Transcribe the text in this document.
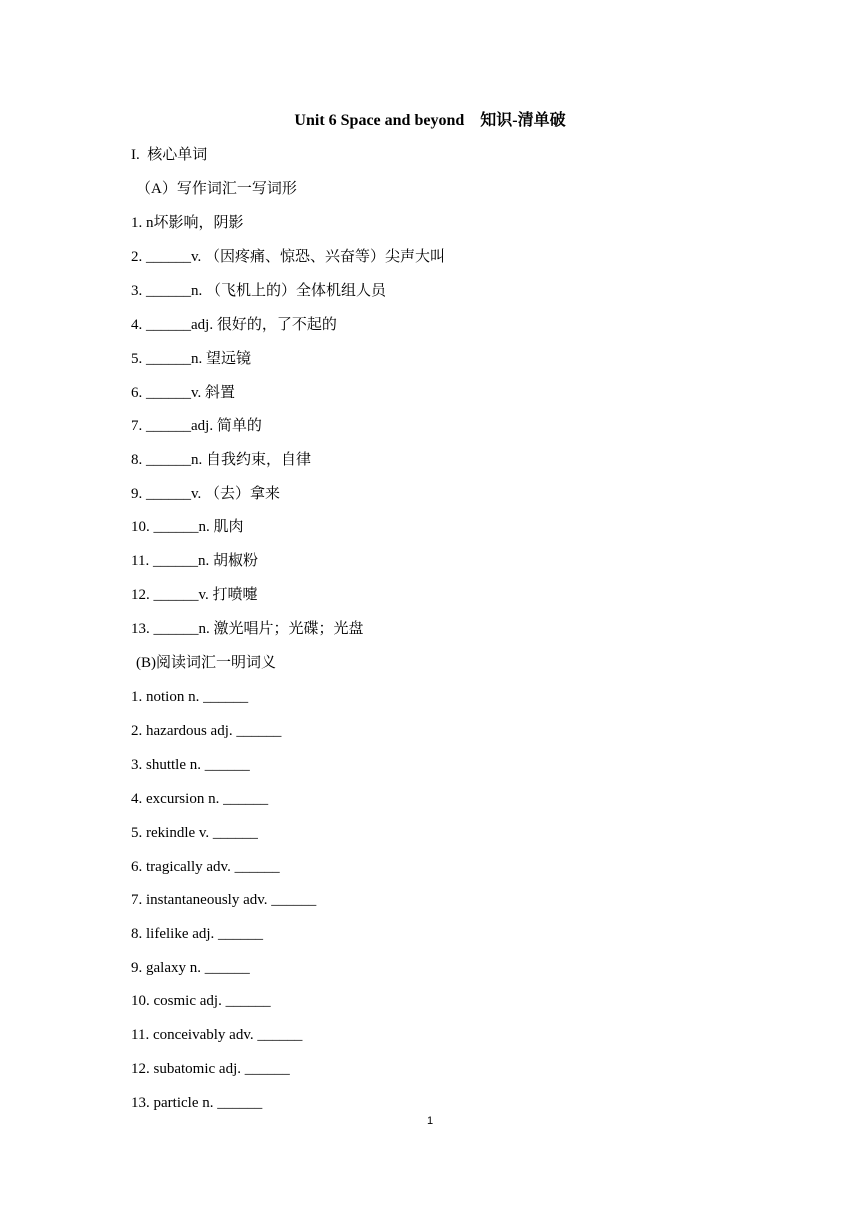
Unit 6 Space and beyond    知识-清单破
I.  核心单词
（A）写作词汇一写词形
1. n坏影响，阴影
2. ______v. （因疼痛、惊恐、兴奋等）尖声大叫
3. ______n. （飞机上的）全体机组人员
4. ______adj. 很好的，了不起的
5. ______n. 望远镜
6. ______v. 斜置
7. ______adj. 简单的
8. ______n. 自我约束，自律
9. ______v. （去）拿来
10. ______n. 肌肉
11. ______n. 胡椒粉
12. ______v. 打喷嚏
13. ______n. 激光唱片；光碟；光盘
(B)阅读词汇一明词义
1. notion n. ______
2. hazardous adj. ______
3. shuttle n. ______
4. excursion n. ______
5. rekindle v. ______
6. tragically adv. ______
7. instantaneously adv. ______
8. lifelike adj. ______
9. galaxy n. ______
10. cosmic adj. ______
11. conceivably adv. ______
12. subatomic adj. ______
13. particle n. ______
1
